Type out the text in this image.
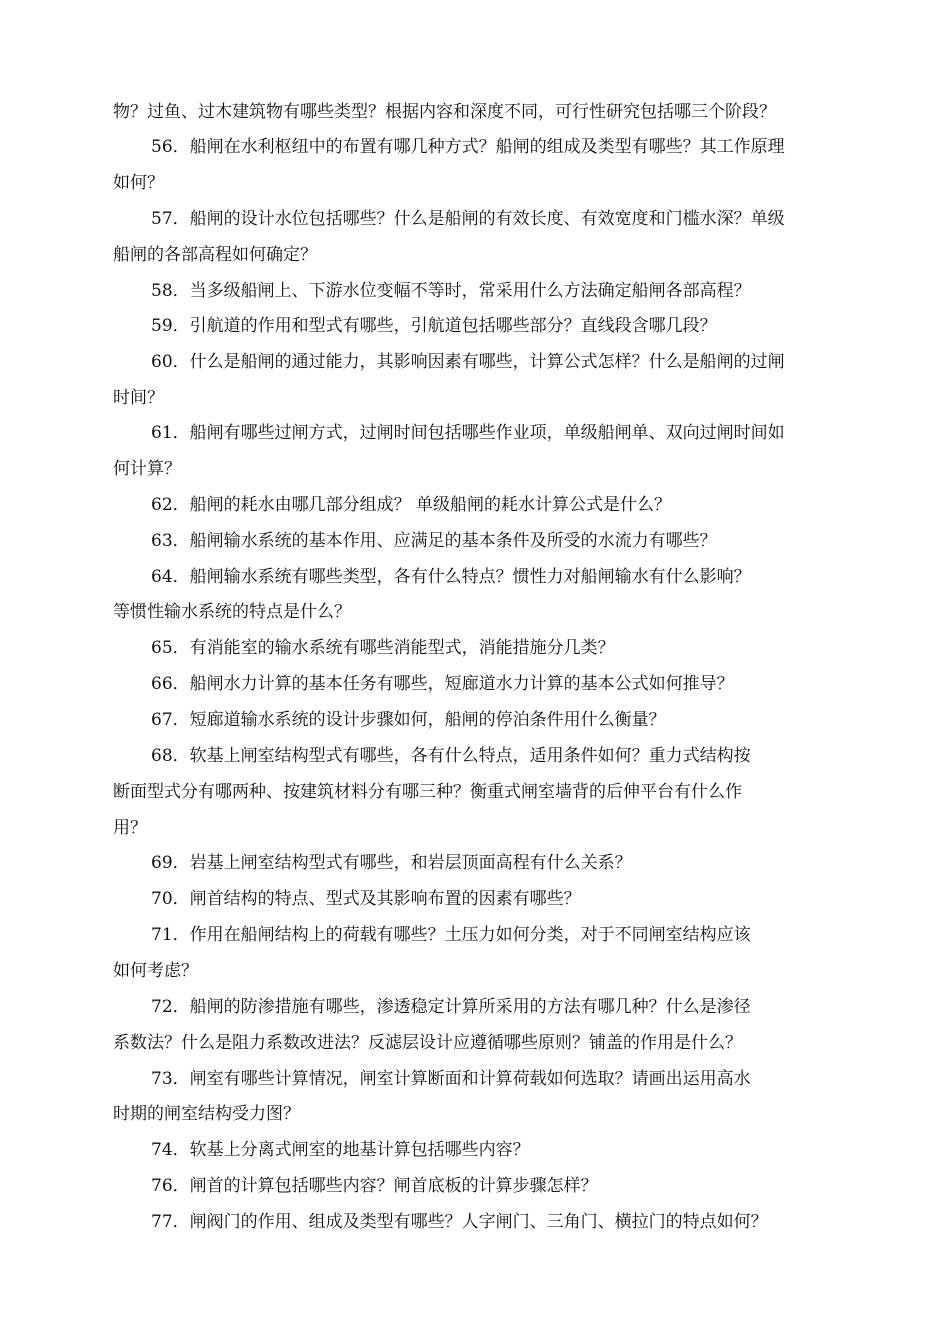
物？过鱼、过木建筑物有哪些类型？根据内容和深度不同，可行性研究包括哪三个阶段？
56．船闸在水利枢纽中的布置有哪几种方式？船闸的组成及类型有哪些？其工作原理
如何？
57．船闸的设计水位包括哪些？什么是船闸的有效长度、有效宽度和门槛水深？单级
船闸的各部高程如何确定？
58．当多级船闸上、下游水位变幅不等时，常采用什么方法确定船闸各部高程？
59．引航道的作用和型式有哪些，引航道包括哪些部分？直线段含哪几段？
60．什么是船闸的通过能力，其影响因素有哪些，计算公式怎样？什么是船闸的过闸
时间？
61．船闸有哪些过闸方式，过闸时间包括哪些作业项，单级船闸单、双向过闸时间如
何计算？
62．船闸的耗水由哪几部分组成？ 单级船闸的耗水计算公式是什么？
63．船闸输水系统的基本作用、应满足的基本条件及所受的水流力有哪些？
64．船闸输水系统有哪些类型，各有什么特点？惯性力对船闸输水有什么影响？
等惯性输水系统的特点是什么？
65．有消能室的输水系统有哪些消能型式，消能措施分几类？
66．船闸水力计算的基本任务有哪些，短廊道水力计算的基本公式如何推导？
67．短廊道输水系统的设计步骤如何，船闸的停泊条件用什么衡量？
68．软基上闸室结构型式有哪些，各有什么特点，适用条件如何？重力式结构按
断面型式分有哪两种、按建筑材料分有哪三种？衡重式闸室墙背的后伸平台有什么作
用？
69．岩基上闸室结构型式有哪些，和岩层顶面高程有什么关系？
70．闸首结构的特点、型式及其影响布置的因素有哪些？
71．作用在船闸结构上的荷载有哪些？土压力如何分类，对于不同闸室结构应该
如何考虑？
72．船闸的防渗措施有哪些，渗透稳定计算所采用的方法有哪几种？什么是渗径
系数法？什么是阻力系数改进法？反滤层设计应遵循哪些原则？铺盖的作用是什么？
73．闸室有哪些计算情况，闸室计算断面和计算荷载如何选取？请画出运用高水
时期的闸室结构受力图？
74．软基上分离式闸室的地基计算包括哪些内容？
76．闸首的计算包括哪些内容？闸首底板的计算步骤怎样？
77．闸阀门的作用、组成及类型有哪些？人字闸门、三角门、横拉门的特点如何？
